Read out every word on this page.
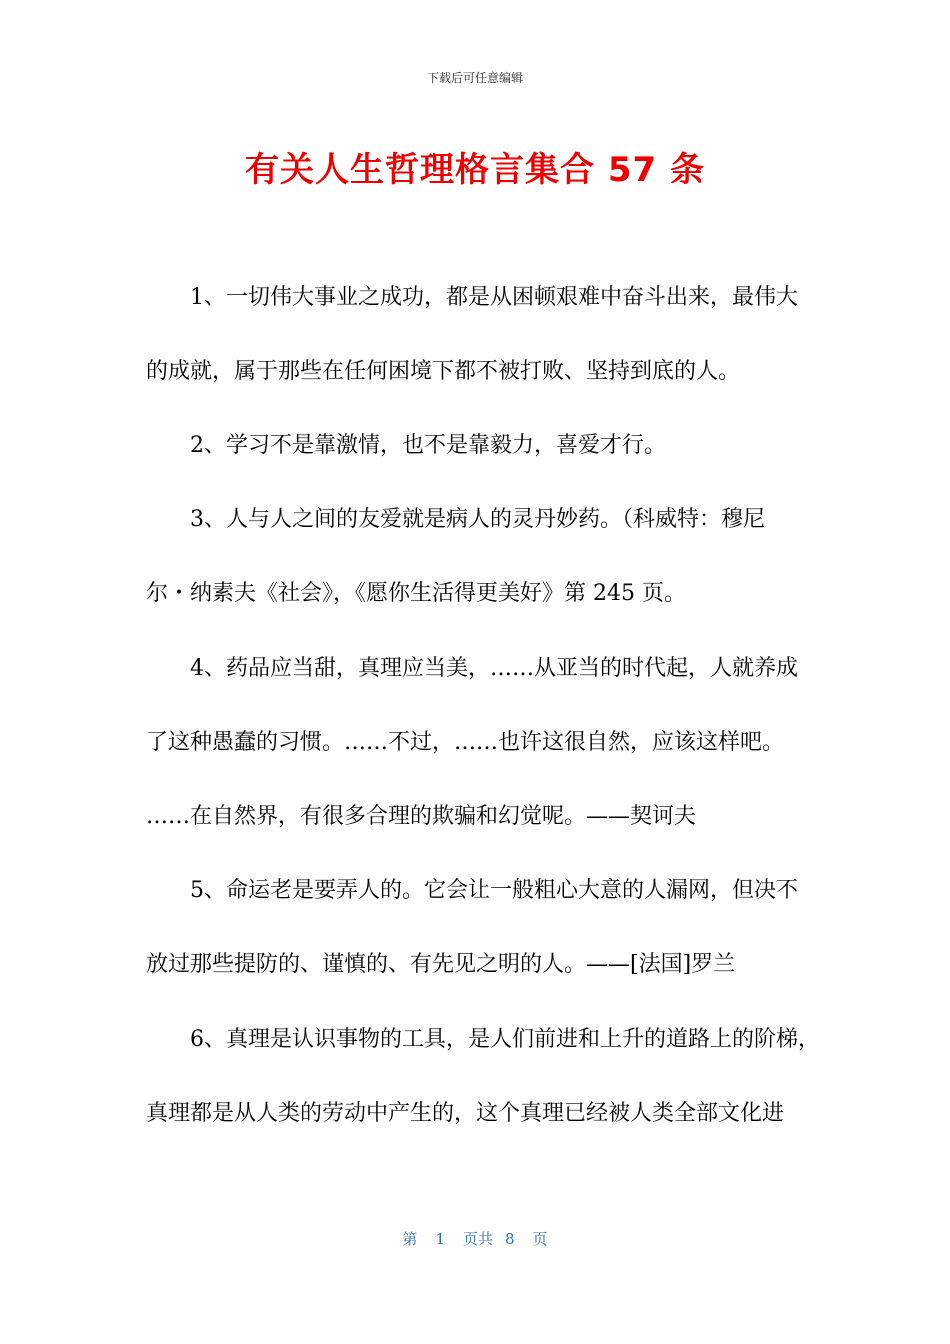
下载后可任意编辑
有关人生哲理格言集合 57 条
　　1、一切伟大事业之成功，都是从困顿艰难中奋斗出来，最伟大
的成就，属于那些在任何困境下都不被打败、坚持到底的人。
　　2、学习不是靠激情，也不是靠毅力，喜爱才行。
　　3、人与人之间的友爱就是病人的灵丹妙药。（科威特：穆尼
尔・纳素夫《社会》，《愿你生活得更美好》第 245 页。
　　4、药品应当甜，真理应当美，……从亚当的时代起，人就养成
了这种愚蠢的习惯。……不过，……也许这很自然，应该这样吧。
……在自然界，有很多合理的欺骗和幻觉呢。——契诃夫
　　5、命运老是要弄人的。它会让一般粗心大意的人漏网，但决不
放过那些提防的、谨慎的、有先见之明的人。——[法国]罗兰
　　6、真理是认识事物的工具，是人们前进和上升的道路上的阶梯，
真理都是从人类的劳动中产生的，这个真理已经被人类全部文化进
第 1 页共 8 页
